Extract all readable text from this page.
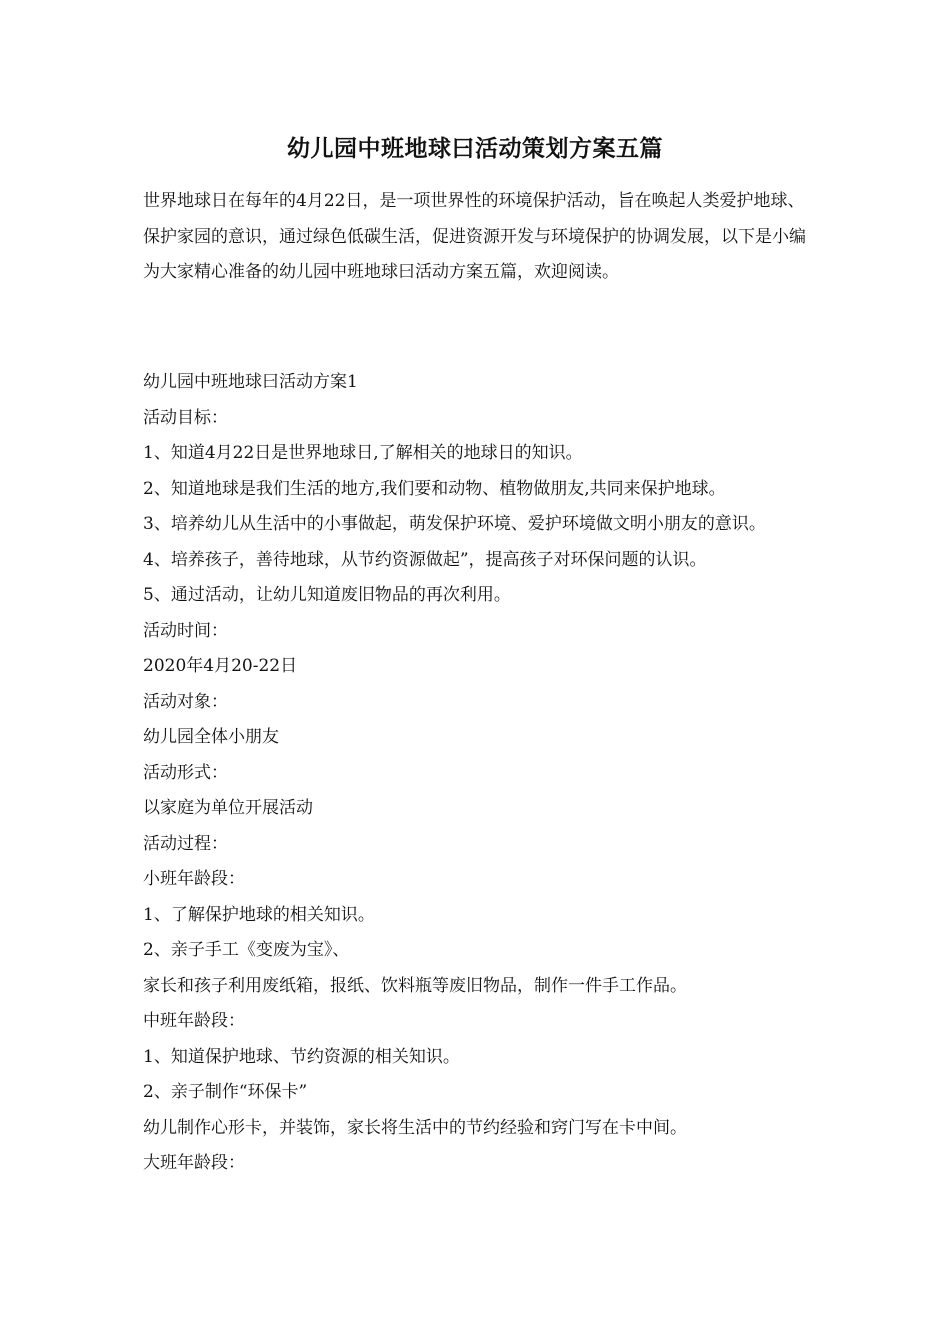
幼儿园中班地球曰活动策划方案五篇

世界地球日在每年的4月22日，是一项世界性的环境保护活动，旨在唤起人类爱护地球、保护家园的意识，通过绿色低碳生活，促进资源开发与环境保护的协调发展，以下是小编为大家精心准备的幼儿园中班地球曰活动方案五篇，欢迎阅读。

幼儿园中班地球曰活动方案1
活动目标：
1、知道4月22日是世界地球日,了解相关的地球日的知识。
2、知道地球是我们生活的地方,我们要和动物、植物做朋友,共同来保护地球。
3、培养幼儿从生活中的小事做起，萌发保护环境、爱护环境做文明小朋友的意识。
4、培养孩子，善待地球，从节约资源做起”，提高孩子对环保问题的认识。
5、通过活动，让幼儿知道废旧物品的再次利用。
活动时间：
2020年4月20-22日
活动对象：
幼儿园全体小朋友
活动形式：
以家庭为单位开展活动
活动过程：
小班年龄段：
1、了解保护地球的相关知识。
2、亲子手工《变废为宝》、
家长和孩子利用废纸箱，报纸、饮料瓶等废旧物品，制作一件手工作品。
中班年龄段：
1、知道保护地球、节约资源的相关知识。
2、亲子制作“环保卡”
幼儿制作心形卡，并装饰，家长将生活中的节约经验和窍门写在卡中间。
大班年龄段：
